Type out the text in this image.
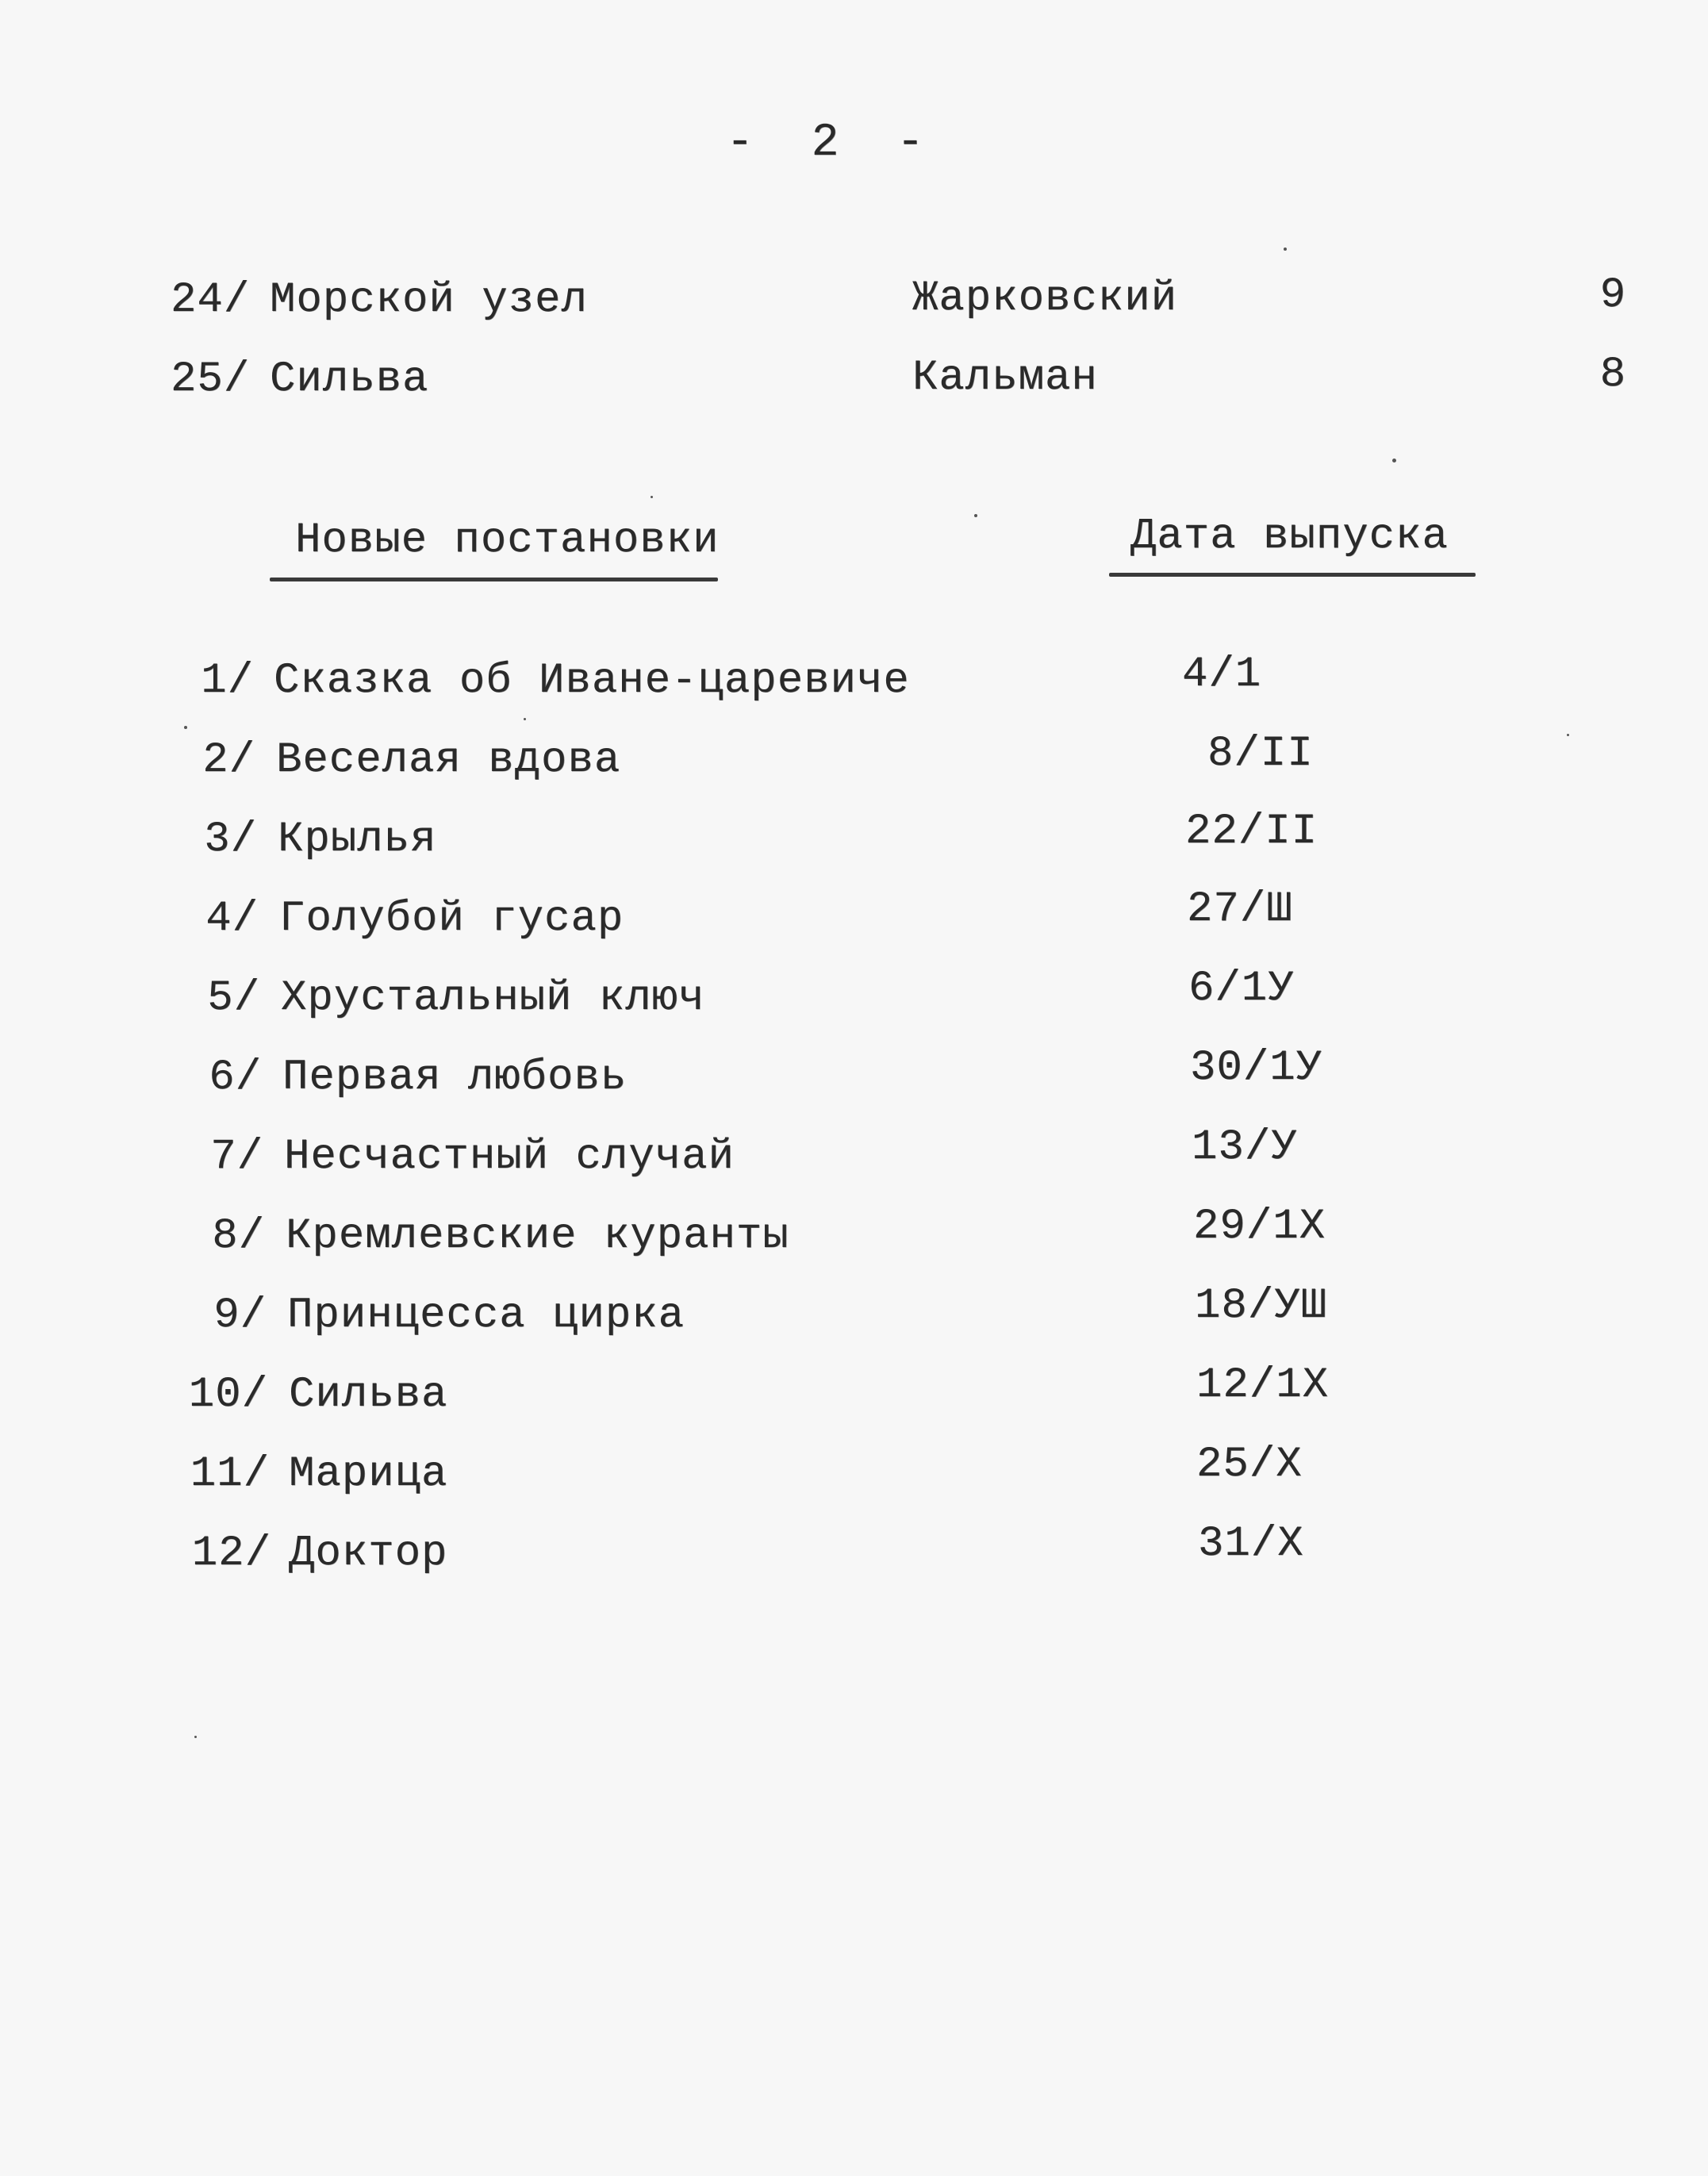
- 2 -
24/ Морской узел	Жарковский	9
25/ Сильва	Кальман	8
Новые постановки	Дата выпуска
1/ Сказка об Иване-царевиче	4/1
2/ Веселая вдова	8/II
3/ Крылья	22/II
4/ Голубой гусар	27/Ш
5/ Хрустальный ключ	6/1У
6/ Первая любовь	30/1У
7/ Несчастный случай	13/У
8/ Кремлевские куранты	29/1Х
9/ Принцесса цирка	18/УШ
10/ Сильва	12/1Х
11/ Марица	25/Х
12/ Доктор	31/Х
